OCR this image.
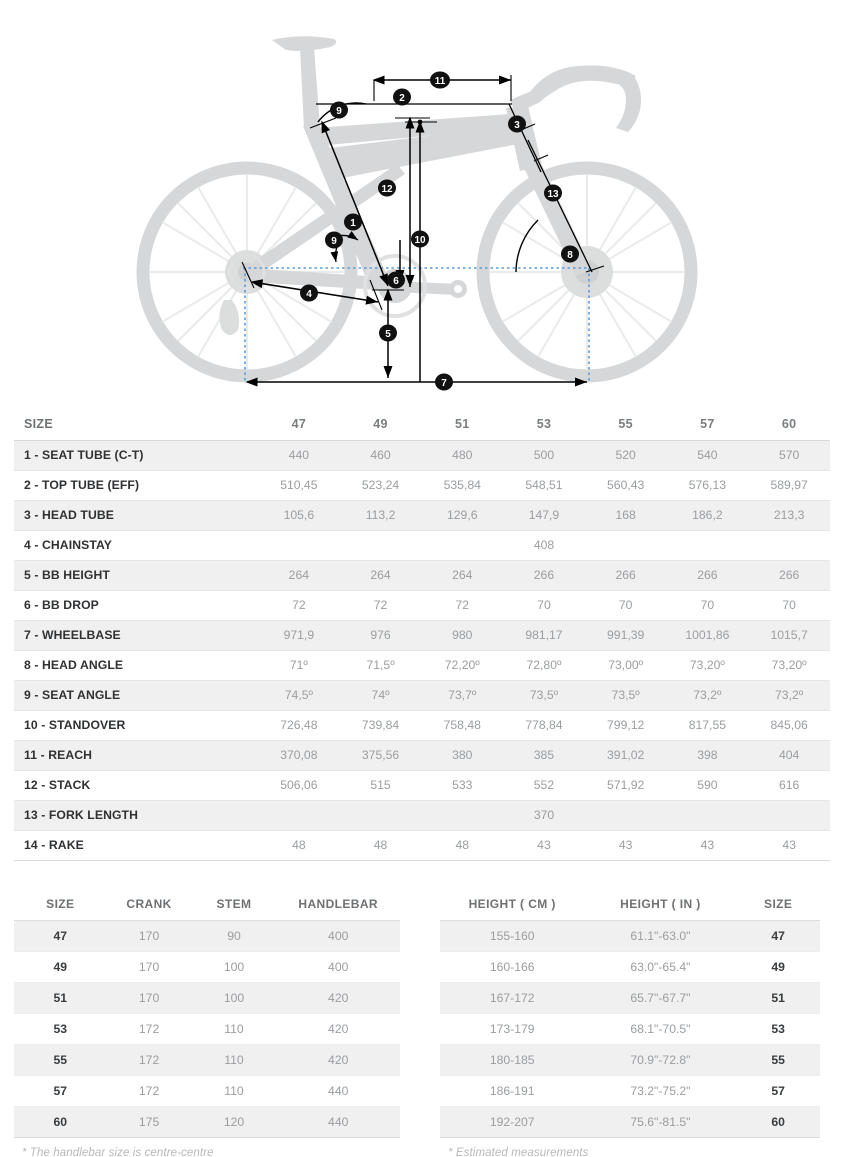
11
2
9
3
12	13
1
10
9
8
6
4
5
7
SIZE	47	49	51	53	55	57	60
1 - SEAT TUBE (C-T)	440	460	480	500	520	540	570
2 - TOP TUBE (EFF)	510,45	523,24	535,84	548,51	560,43	576,13	589,97
3 - HEAD TUBE	105,6	113,2	129,6	147,9	168	186,2	213,3
4 - CHAINSTAY	408						
5 - BB HEIGHT	264	264	264	266	266	266	266
6 - BB DROP	72	72	72	70	70	70	70
7 - WHEELBASE	971,9	976	980	981,17	991,39	1001,86	1015,7
8 - HEAD ANGLE	71º	71,5º	72,20º	72,80º	73,00º	73,20º	73,20º
9 - SEAT ANGLE	74,5º	74º	73,7º	73,5º	73,5º	73,2º	73,2º
10 - STANDOVER	726,48	739,84	758,48	778,84	799,12	817,55	845,06
11 - REACH	370,08	375,56	380	385	391,02	398	404
12 - STACK	506,06	515	533	552	571,92	590	616
13 - FORK LENGTH	370						
14 - RAKE	48	48	48	43	43	43	43
SIZE	CRANK	STEM	HANDLEBAR
47	170	90	400
49	170	100	400
51	170	100	420
53	172	110	420
55	172	110	420
57	172	110	440
60	175	120	440
* The handlebar size is centre-centre
HEIGHT ( CM )	HEIGHT ( IN )	SIZE
155-160	61.1"-63.0"	47
160-166	63.0"-65.4"	49
167-172	65.7"-67.7"	51
173-179	68.1"-70.5"	53
180-185	70.9"-72.8"	55
186-191	73.2"-75.2"	57
192-207	75.6"-81.5"	60
* Estimated measurements
